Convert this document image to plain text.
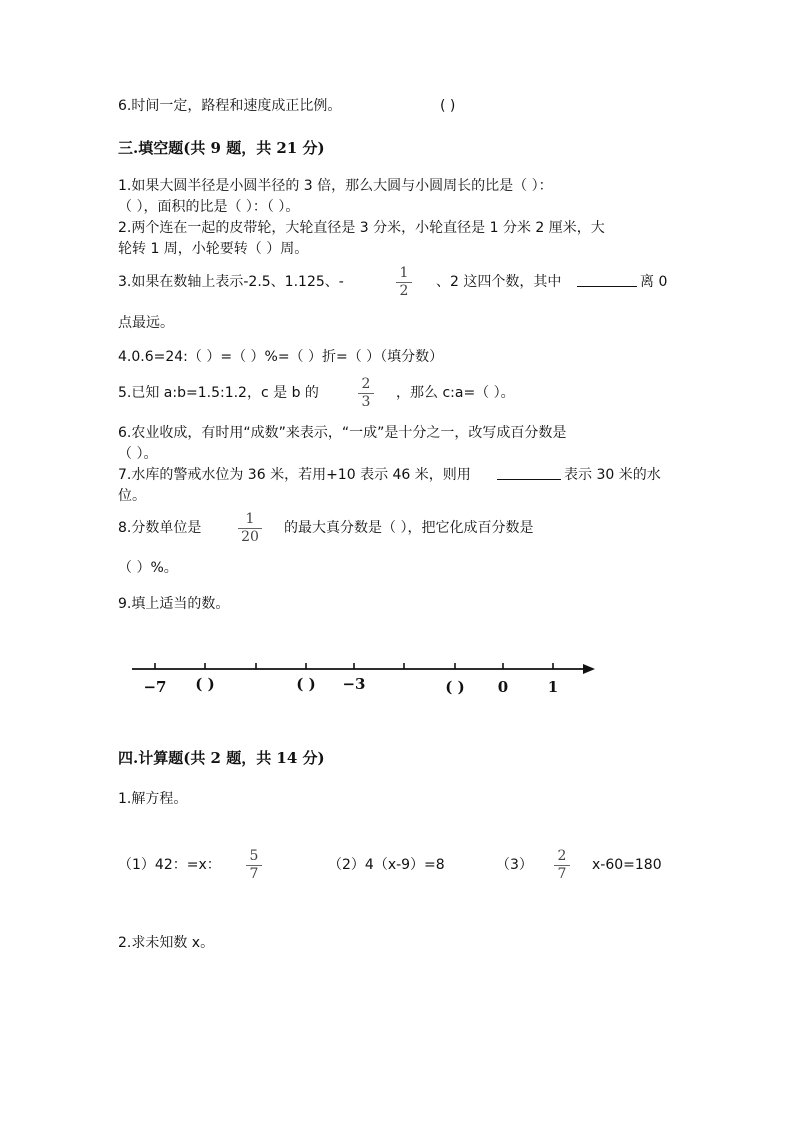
6.时间一定，路程和速度成正比例。	( )
三.填空题(共 9 题，共 21 分)
1.如果大圆半径是小圆半径的 3 倍，那么大圆与小圆周长的比是（ ）：
（ ），面积的比是（ ）：（ ）。
2.两个连在一起的皮带轮，大轮直径是 3 分米，小轮直径是 1 分米 2 厘米，大
轮转 1 周，小轮要转（ ）周。
3.如果在数轴上表示-2.5、1.125、-
1
2
、2 这四个数，其中	离 0
点最远。
4.0.6=24:（ ）=（ ）%=（ ）折=（ ）（填分数）
5.已知 a:b=1.5:1.2，c 是 b 的
2
3
，那么 c:a=（ ）。
6.农业收成，有时用“成数”来表示，“一成”是十分之一，改写成百分数是
（ ）。
7.水库的警戒水位为 36 米，若用+10 表示 46 米，则用	表示 30 米的水
位。
8.分数单位是
1
20
的最大真分数是（ ），把它化成百分数是
（ ）%。
9.填上适当的数。
−7 ( )	( ) −3	( ) 0	1
四.计算题(共 2 题，共 14 分)
1.解方程。
（1）42：=x：
5
7
（2）4（x-9）=8	（3）
2
7
x-60=180
2.求未知数 x。
